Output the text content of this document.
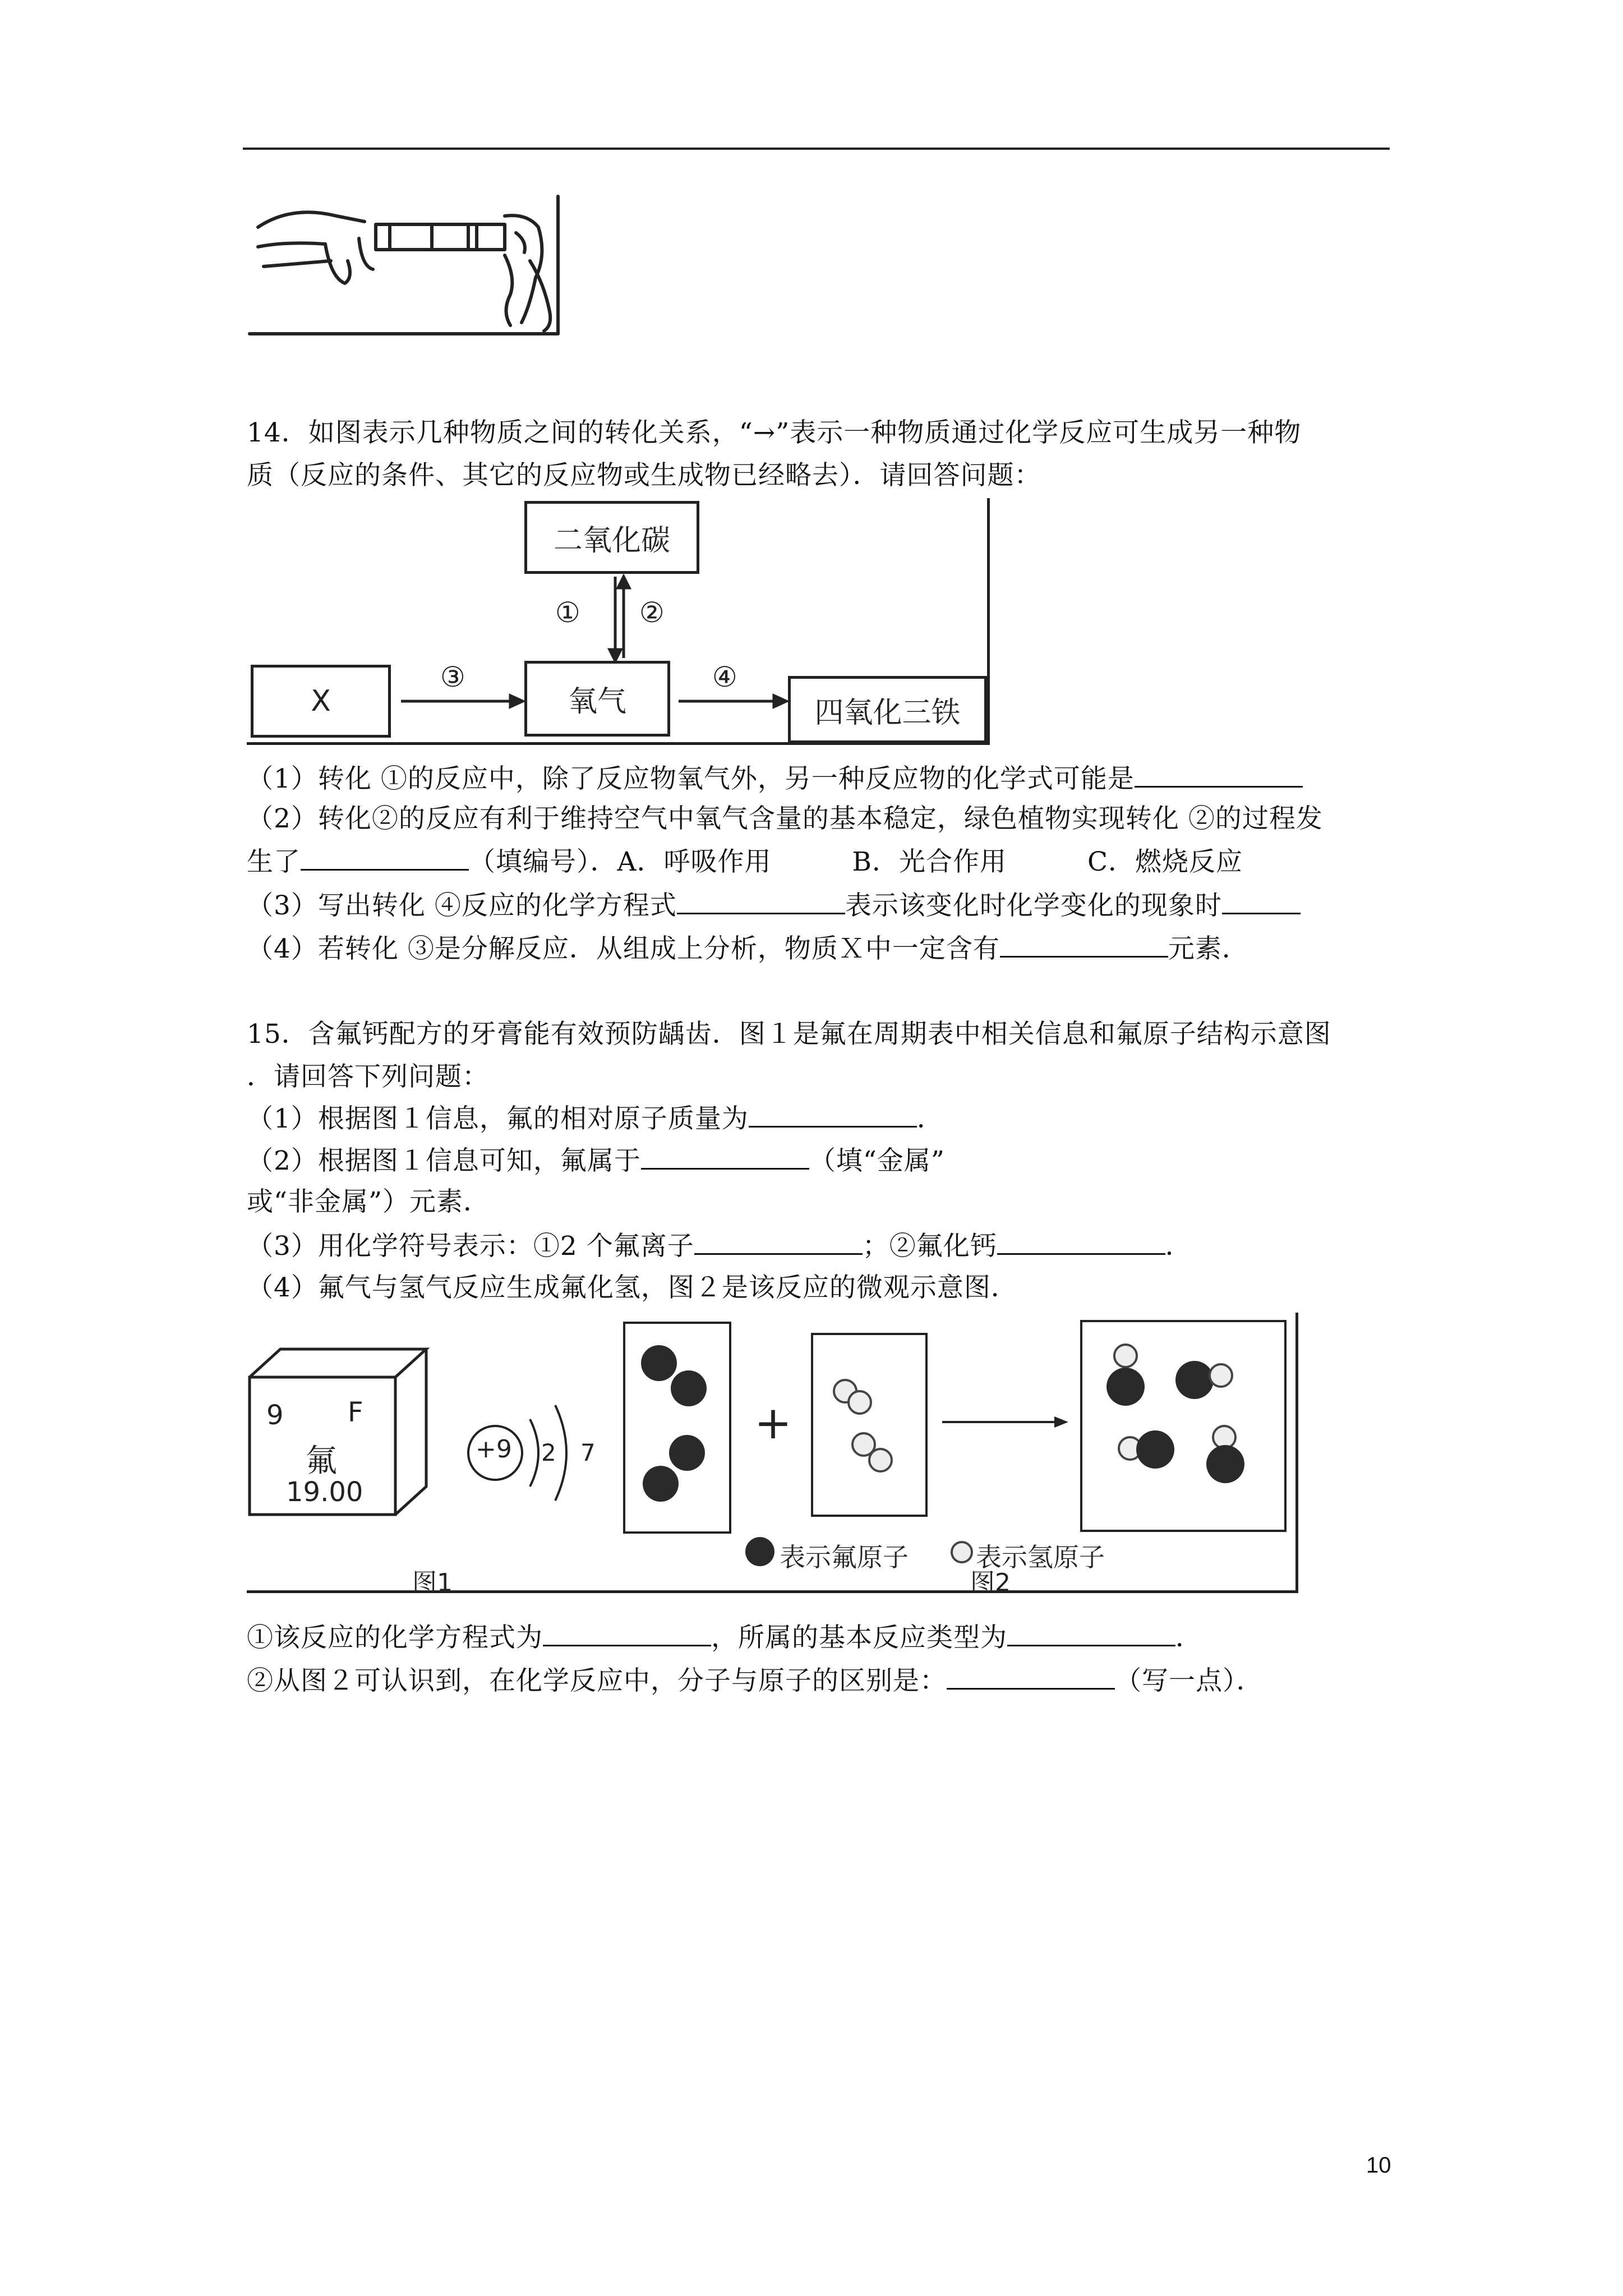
14．如图表示几种物质之间的转化关系，“→”表示一种物质通过化学反应可生成另一种物
质（反应的条件、其它的反应物或生成物已经略去）．请回答问题：
二氧化碳
X	氧气	四氧化三铁
① ②
③	④
（1）转化 ①的反应中，除了反应物氧气外，另一种反应物的化学式可能是
（2）转化②的反应有利于维持空气中氧气含量的基本稳定，绿色植物实现转化 ②的过程发
生了	（填编号）．A．呼吸作用　　　B．光合作用　　　C．燃烧反应
（3）写出转化 ④反应的化学方程式	表示该变化时化学变化的现象时
（4）若转化 ③是分解反应．从组成上分析，物质Ｘ中一定含有	元素．
15．含氟钙配方的牙膏能有效预防龋齿．图１是氟在周期表中相关信息和氟原子结构示意图
．请回答下列问题：
（1）根据图１信息，氟的相对原子质量为	．
（2）根据图１信息可知，氟属于	（填“金属”
或“非金属”）元素．
（3）用化学符号表示：①2 个氟离子	；②氟化钙	．
（4）氟气与氢气反应生成氟化氢，图２是该反应的微观示意图．
9 F
氟
19.00
+9 2 7
+
表示氟原子	表示氢原子
图1	图2
①该反应的化学方程式为	，所属的基本反应类型为	．
②从图２可认识到，在化学反应中，分子与原子的区别是：	（写一点）．
10
